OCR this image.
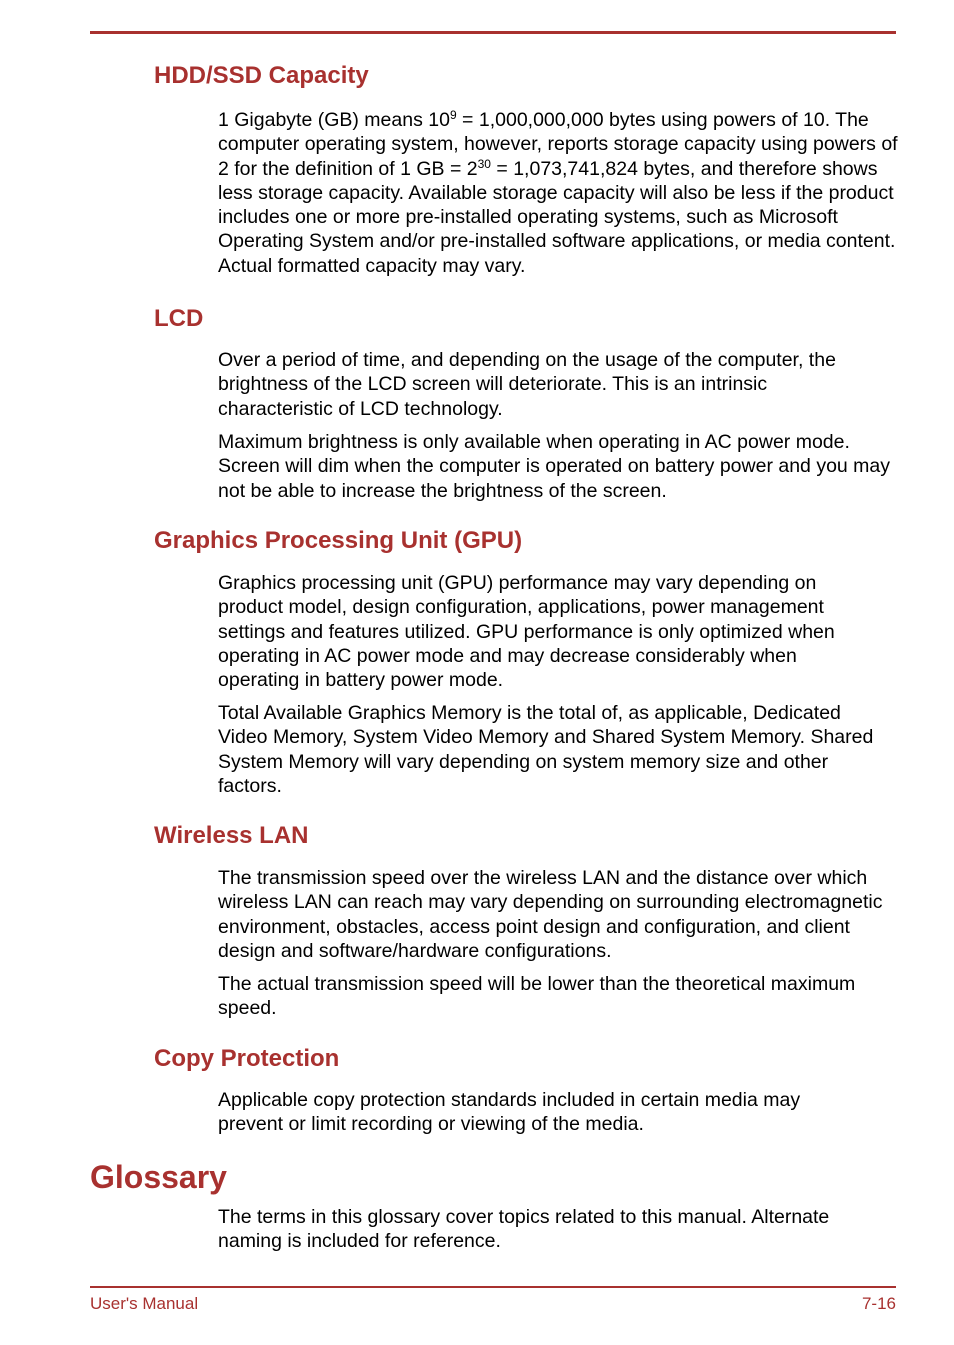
HDD/SSD Capacity

1 Gigabyte (GB) means $10^9 = 1,000,000,000$ bytes using powers of 10. The computer operating system, however, reports storage capacity using powers of 2 for the definition of 1 GB = $2^{30} = 1,073,741,824$ bytes, and therefore shows less storage capacity. Available storage capacity will also be less if the product includes one or more pre-installed operating systems, such as Microsoft Operating System and/or pre-installed software applications, or media content. Actual formatted capacity may vary.

LCD

Over a period of time, and depending on the usage of the computer, the brightness of the LCD screen will deteriorate. This is an intrinsic characteristic of LCD technology.

Maximum brightness is only available when operating in AC power mode. Screen will dim when the computer is operated on battery power and you may not be able to increase the brightness of the screen.

Graphics Processing Unit (GPU)

Graphics processing unit (GPU) performance may vary depending on product model, design configuration, applications, power management settings and features utilized. GPU performance is only optimized when operating in AC power mode and may decrease considerably when operating in battery power mode.

Total Available Graphics Memory is the total of, as applicable, Dedicated Video Memory, System Video Memory and Shared System Memory. Shared System Memory will vary depending on system memory size and other factors.

Wireless LAN

The transmission speed over the wireless LAN and the distance over which wireless LAN can reach may vary depending on surrounding electromagnetic environment, obstacles, access point design and configuration, and client design and software/hardware configurations.

The actual transmission speed will be lower than the theoretical maximum speed.

Copy Protection

Applicable copy protection standards included in certain media may prevent or limit recording or viewing of the media.

Glossary

The terms in this glossary cover topics related to this manual. Alternate naming is included for reference.

User's Manual	7-16
